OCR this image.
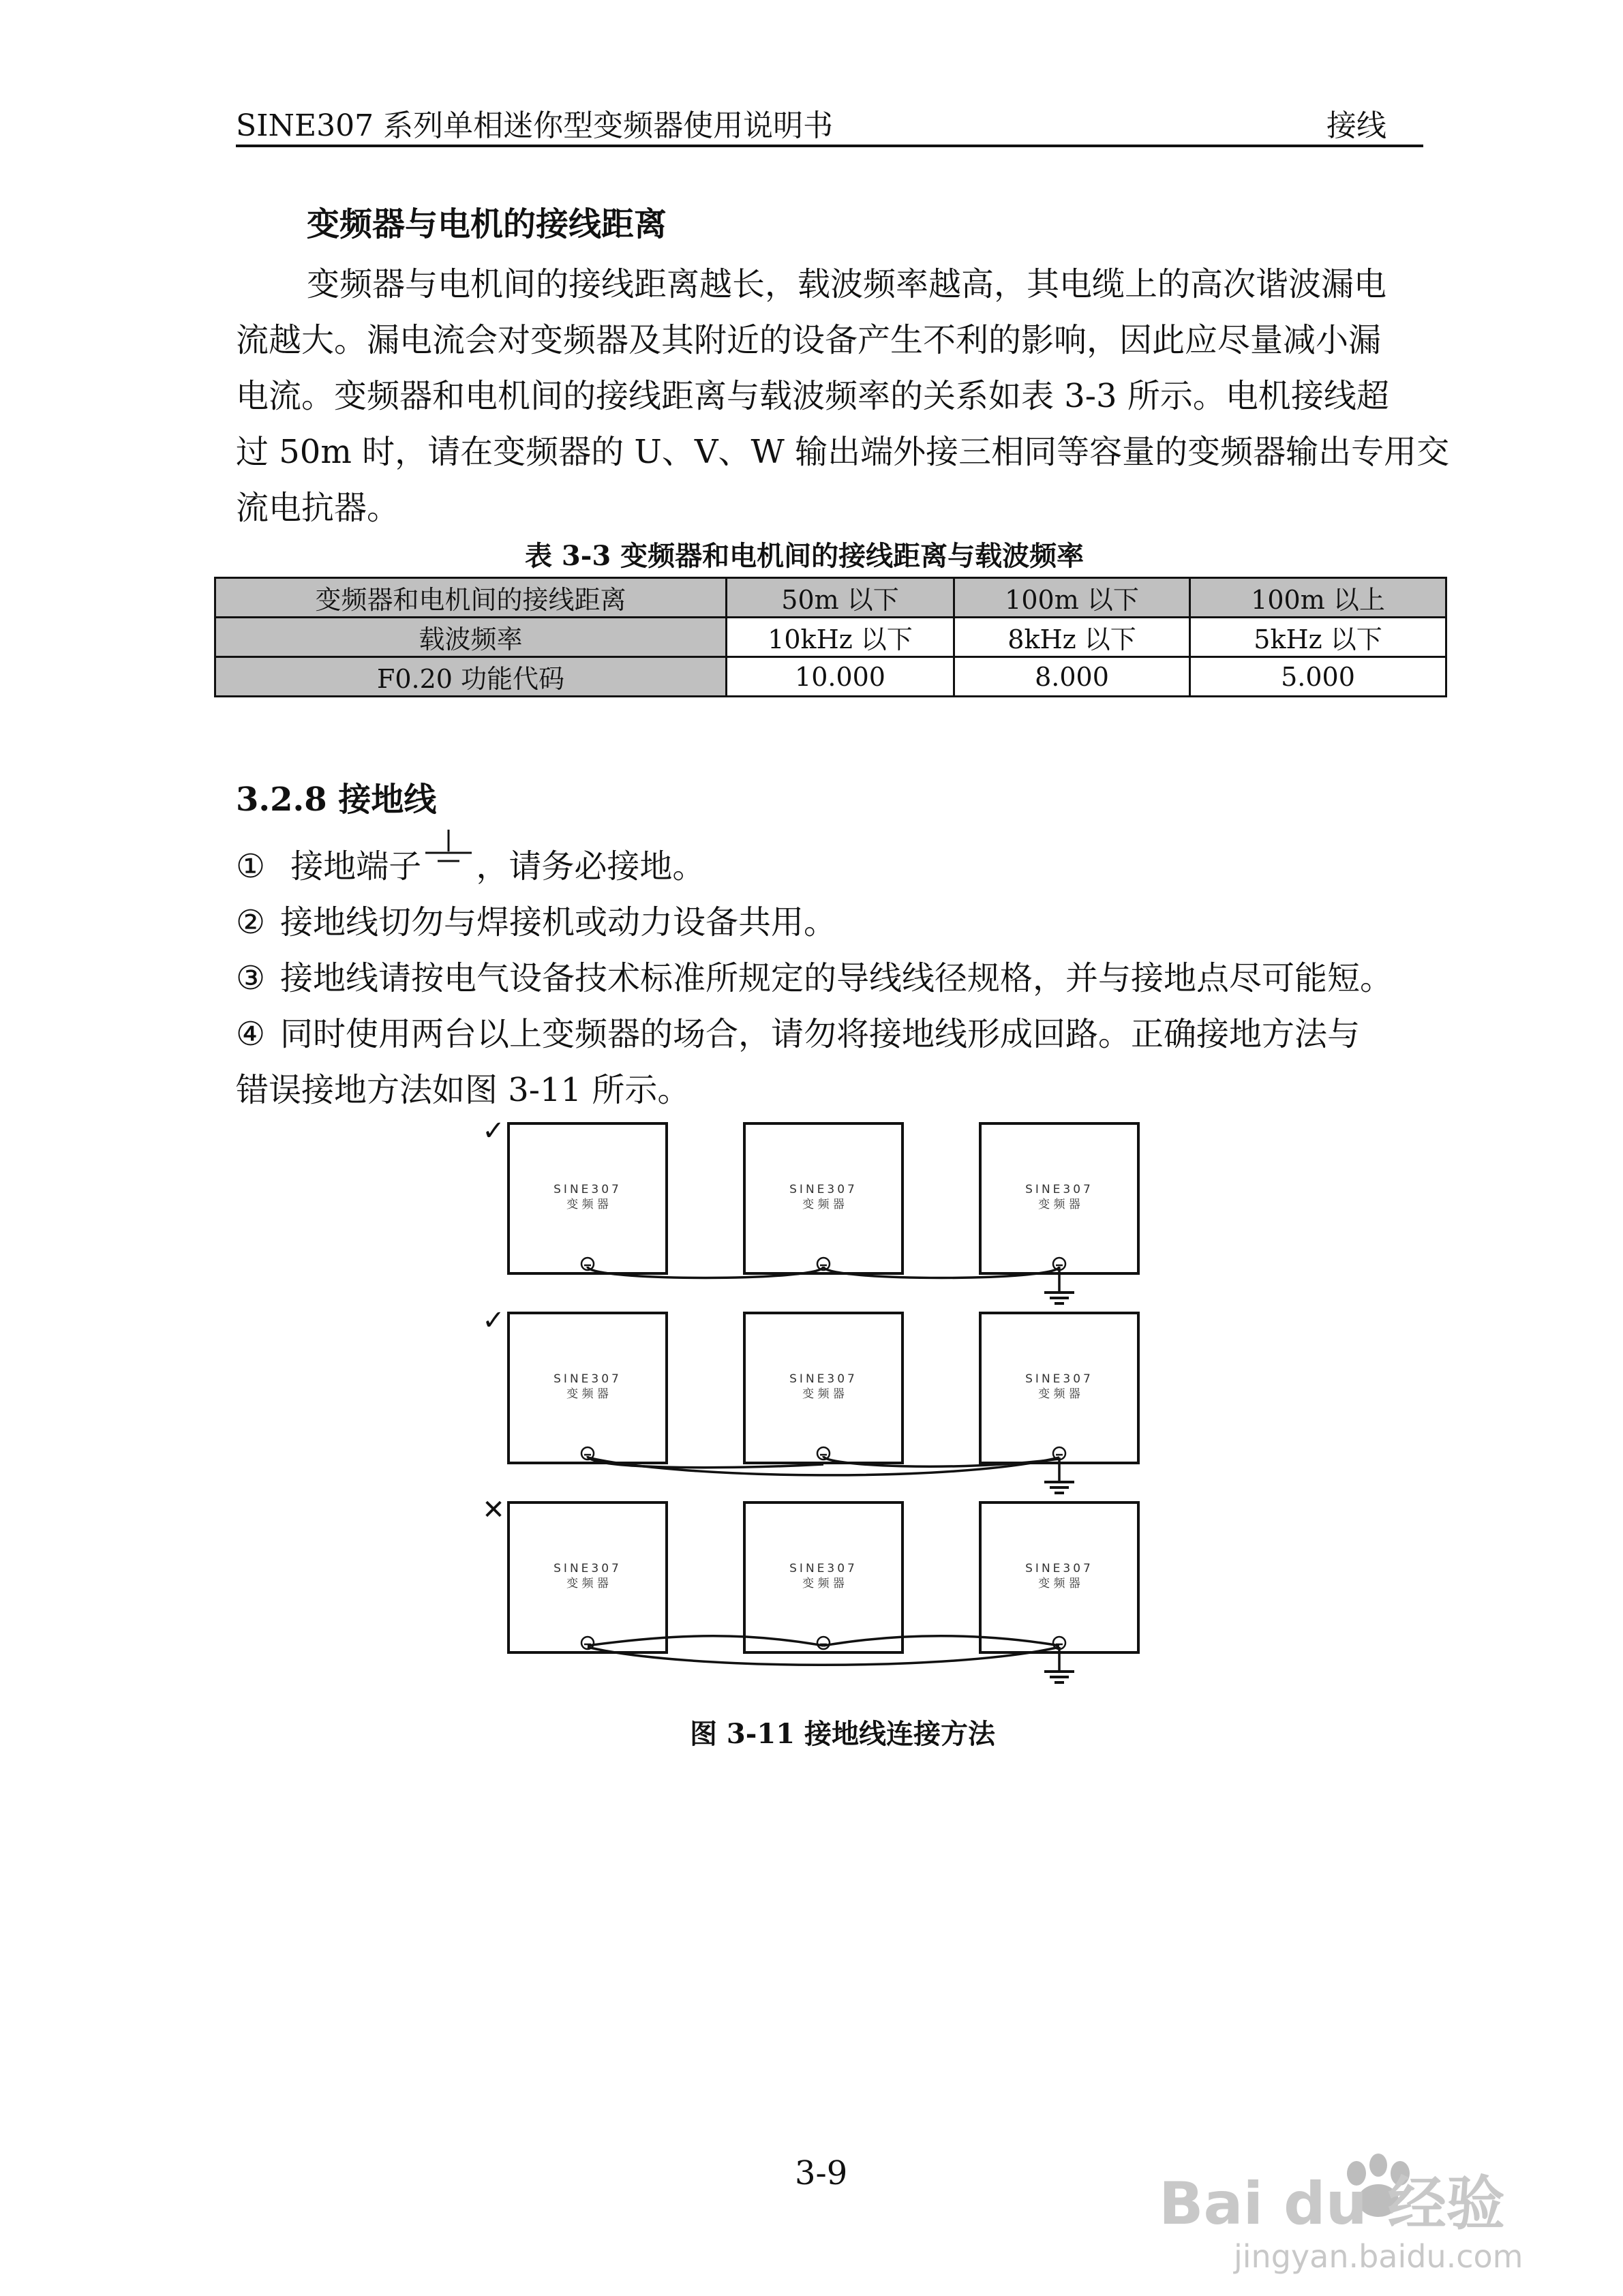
SINE307 系列单相迷你型变频器使用说明书	接线
变频器与电机的接线距离
变频器与电机间的接线距离越长，载波频率越高，其电缆上的高次谐波漏电
流越大。漏电流会对变频器及其附近的设备产生不利的影响，因此应尽量减小漏
电流。变频器和电机间的接线距离与载波频率的关系如表 3-3 所示。电机接线超
过 50m 时，请在变频器的 U、V、W 输出端外接三相同等容量的变频器输出专用交
流电抗器。
表 3-3 变频器和电机间的接线距离与载波频率
变频器和电机间的接线距离	50m 以下	100m 以下	100m 以上
载波频率	10kHz 以下	8kHz 以下	5kHz 以下
F0.20 功能代码	10.000	8.000	5.000
3.2.8 接地线
① 接地端子 ，请务必接地。
② 接地线切勿与焊接机或动力设备共用。
③ 接地线请按电气设备技术标准所规定的导线线径规格，并与接地点尽可能短。
④ 同时使用两台以上变频器的场合，请勿将接地线形成回路。正确接地方法与
错误接地方法如图 3-11 所示。
SINE307
变 频 器
SINE307
变 频 器
SINE307
变 频 器
SINE307
变 频 器
SINE307
变 频 器
SINE307
变 频 器
SINE307
变 频 器
SINE307
变 频 器
SINE307
变 频 器
✓
✓
✕
图 3-11 接地线连接方法
3-9	Bai du 经验
jingyan.baidu.com
